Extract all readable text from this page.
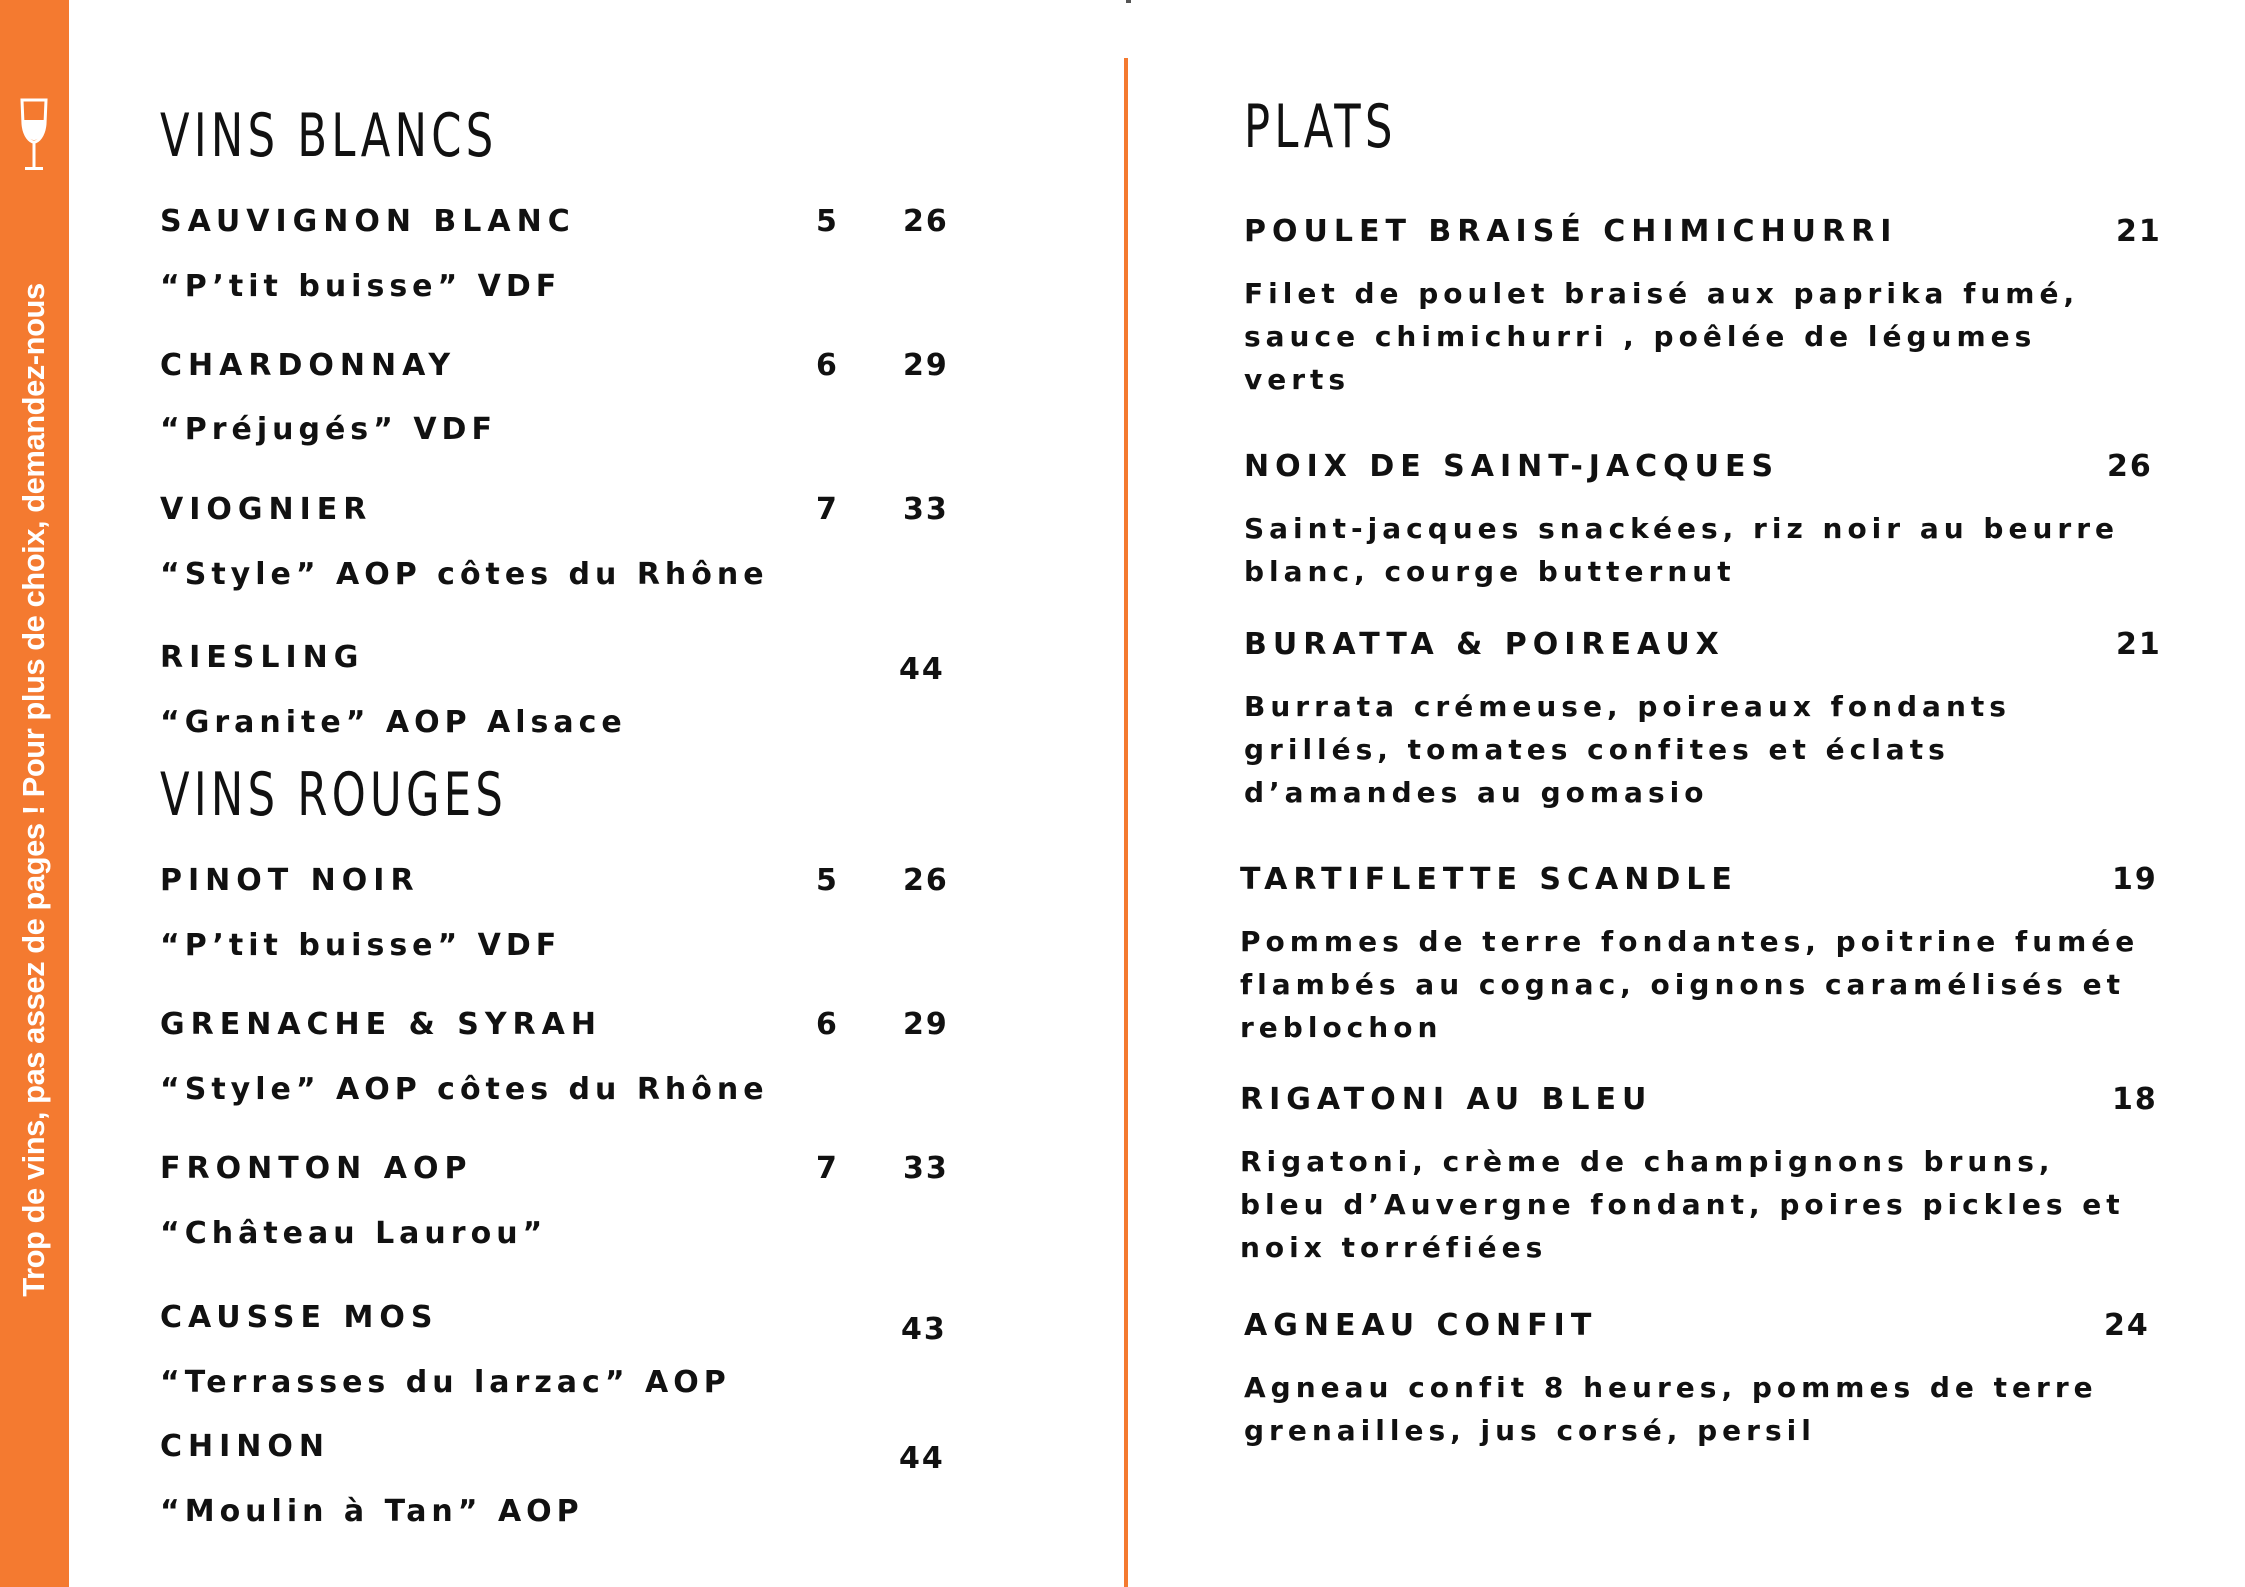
Trop de vins, pas assez de pages ! Pour plus de choix, demandez-nous
VINS BLANCS
SAUVIGNON BLANC	5 26
“P’tit buisse” VDF
CHARDONNAY	6 29
“Préjugés” VDF
VIOGNIER	7 33
“Style” AOP côtes du Rhône
RIESLING	44
“Granite” AOP Alsace
VINS ROUGES
PINOT NOIR	5 26
“P’tit buisse” VDF
GRENACHE & SYRAH	6 29
“Style” AOP côtes du Rhône
FRONTON AOP	7 33
“Château Laurou”
CAUSSE MOS	43
“Terrasses du larzac” AOP
CHINON	44
“Moulin à Tan” AOP
PLATS
POULET BRAISÉ CHIMICHURRI	21
Filet de poulet braisé aux paprika fumé, sauce chimichurri , poêlée de légumes verts
NOIX DE SAINT-JACQUES	26
Saint-jacques snackées, riz noir au beurre blanc, courge butternut
BURATTA & POIREAUX	21
Burrata crémeuse, poireaux fondants grillés, tomates confites et éclats d’amandes au gomasio
TARTIFLETTE SCANDLE	19
Pommes de terre fondantes, poitrine fumée flambés au cognac, oignons caramélisés et reblochon
RIGATONI AU BLEU	18
Rigatoni, crème de champignons bruns, bleu d’Auvergne fondant, poires pickles et noix torréfiées
AGNEAU CONFIT	24
Agneau confit 8 heures, pommes de terre grenailles, jus corsé, persil
